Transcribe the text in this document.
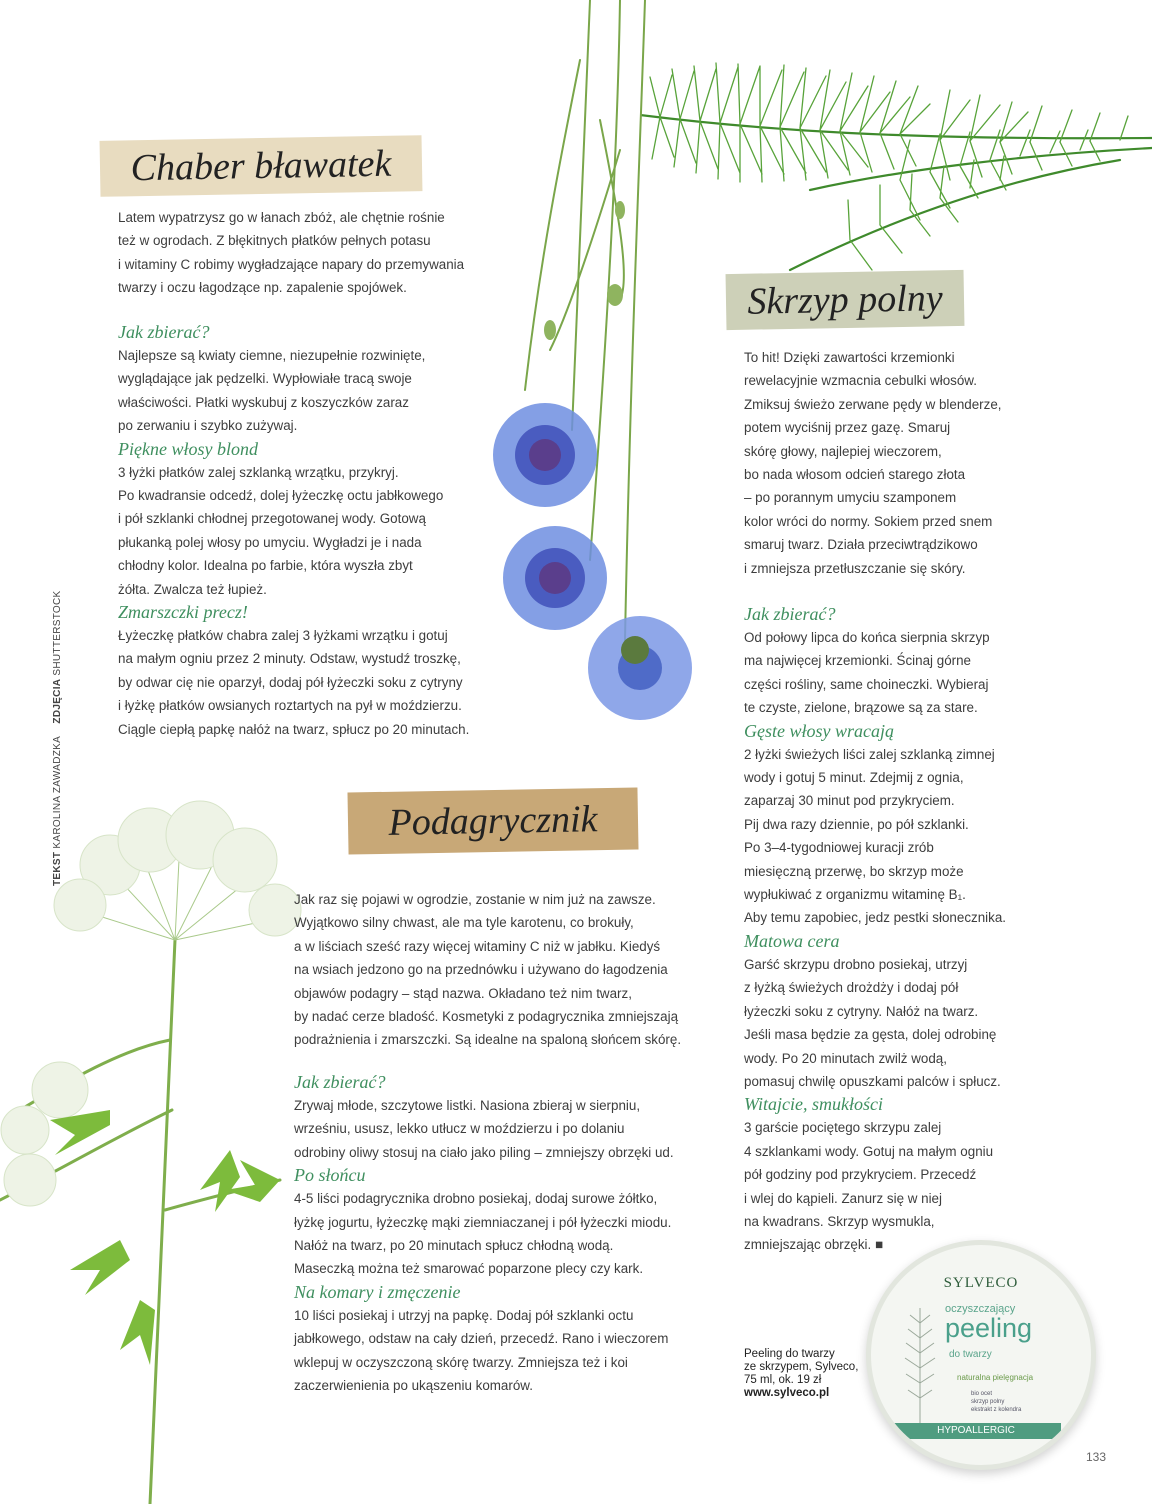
SYLVECO
oczyszczający
peeling
do twarzy
naturalna pielęgnacja
bio ocet
skrzyp polny
ekstrakt z kolendra
HYPOALLERGIC
TEKST KAROLINA ZAWADZKA    ZDJĘCIA SHUTTERSTOCK
Chaber bławatek

Latem wypatrzysz go w łanach zbóż, ale chętnie rośnie

też w ogrodach. Z błękitnych płatków pełnych potasu

i witaminy C robimy wygładzające napary do przemywania

twarzy i oczu łagodzące np. zapalenie spojówek.

Jak zbierać?

Najlepsze są kwiaty ciemne, niezupełnie rozwinięte,

wyglądające jak pędzelki. Wypłowiałe tracą swoje

właściwości. Płatki wyskubuj z koszyczków zaraz

po zerwaniu i szybko zużywaj.

Piękne włosy blond

3 łyżki płatków zalej szklanką wrzątku, przykryj.

Po kwadransie odcedź, dolej łyżeczkę octu jabłkowego

i pół szklanki chłodnej przegotowanej wody. Gotową

płukanką polej włosy po umyciu. Wygładzi je i nada

chłodny kolor. Idealna po farbie, która wyszła zbyt

żółta. Zwalcza też łupież.

Zmarszczki precz!

Łyżeczkę płatków chabra zalej 3 łyżkami wrzątku i gotuj

na małym ogniu przez 2 minuty. Odstaw, wystudź troszkę,

by odwar cię nie oparzył, dodaj pół łyżeczki soku z cytryny

i łyżkę płatków owsianych roztartych na pył w moździerzu.

Ciągle ciepłą papkę nałóż na twarz, spłucz po 20 minutach.

Skrzyp polny

To hit! Dzięki zawartości krzemionki

rewelacyjnie wzmacnia cebulki włosów.

Zmiksuj świeżo zerwane pędy w blenderze,

potem wyciśnij przez gazę. Smaruj

skórę głowy, najlepiej wieczorem,

bo nada włosom odcień starego złota

– po porannym umyciu szamponem

kolor wróci do normy. Sokiem przed snem

smaruj twarz. Działa przeciwtrądzikowo

i zmniejsza przetłuszczanie się skóry.

Jak zbierać?

Od połowy lipca do końca sierpnia skrzyp

ma najwięcej krzemionki. Ścinaj górne

części rośliny, same choineczki. Wybieraj

te czyste, zielone, brązowe są za stare.

Gęste włosy wracają

2 łyżki świeżych liści zalej szklanką zimnej

wody i gotuj 5 minut. Zdejmij z ognia,

zaparzaj 30 minut pod przykryciem.

Pij dwa razy dziennie, po pół szklanki.

Po 3–4-tygodniowej kuracji zrób

miesięczną przerwę, bo skrzyp może

wypłukiwać z organizmu witaminę B₁.

Aby temu zapobiec, jedz pestki słonecznika.

Matowa cera

Garść skrzypu drobno posiekaj, utrzyj

z łyżką świeżych drożdży i dodaj pół

łyżeczki soku z cytryny. Nałóż na twarz.

Jeśli masa będzie za gęsta, dolej odrobinę

wody. Po 20 minutach zwilż wodą,

pomasuj chwilę opuszkami palców i spłucz.

Witajcie, smukłości

3 garście pociętego skrzypu zalej

4 szklankami wody. Gotuj na małym ogniu

pół godziny pod przykryciem. Przecedź

i wlej do kąpieli. Zanurz się w niej

na kwadrans. Skrzyp wysmukla,

zmniejszając obrzęki. ■

Podagrycznik

Jak raz się pojawi w ogrodzie, zostanie w nim już na zawsze.

Wyjątkowo silny chwast, ale ma tyle karotenu, co brokuły,

a w liściach sześć razy więcej witaminy C niż w jabłku. Kiedyś

na wsiach jedzono go na przednówku i używano do łagodzenia

objawów podagry – stąd nazwa. Okładano też nim twarz,

by nadać cerze bladość. Kosmetyki z podagrycznika zmniejszają

podrażnienia i zmarszczki. Są idealne na spaloną słońcem skórę.

Jak zbierać?

Zrywaj młode, szczytowe listki. Nasiona zbieraj w sierpniu,

wrześniu, ususz, lekko utłucz w moździerzu i po dolaniu

odrobiny oliwy stosuj na ciało jako piling – zmniejszy obrzęki ud.

Po słońcu

4-5 liści podagrycznika drobno posiekaj, dodaj surowe żółtko,

łyżkę jogurtu, łyżeczkę mąki ziemniaczanej i pół łyżeczki miodu.

Nałóż na twarz, po 20 minutach spłucz chłodną wodą.

Maseczką można też smarować poparzone plecy czy kark.

Na komary i zmęczenie

10 liści posiekaj i utrzyj na papkę. Dodaj pół szklanki octu

jabłkowego, odstaw na cały dzień, przecedź. Rano i wieczorem

wklepuj w oczyszczoną skórę twarzy. Zmniejsza też i koi

zaczerwienienia po ukąszeniu komarów.

Peeling do twarzy
ze skrzypem, Sylveco,
75 ml, ok. 19 zł
www.sylveco.pl
133
